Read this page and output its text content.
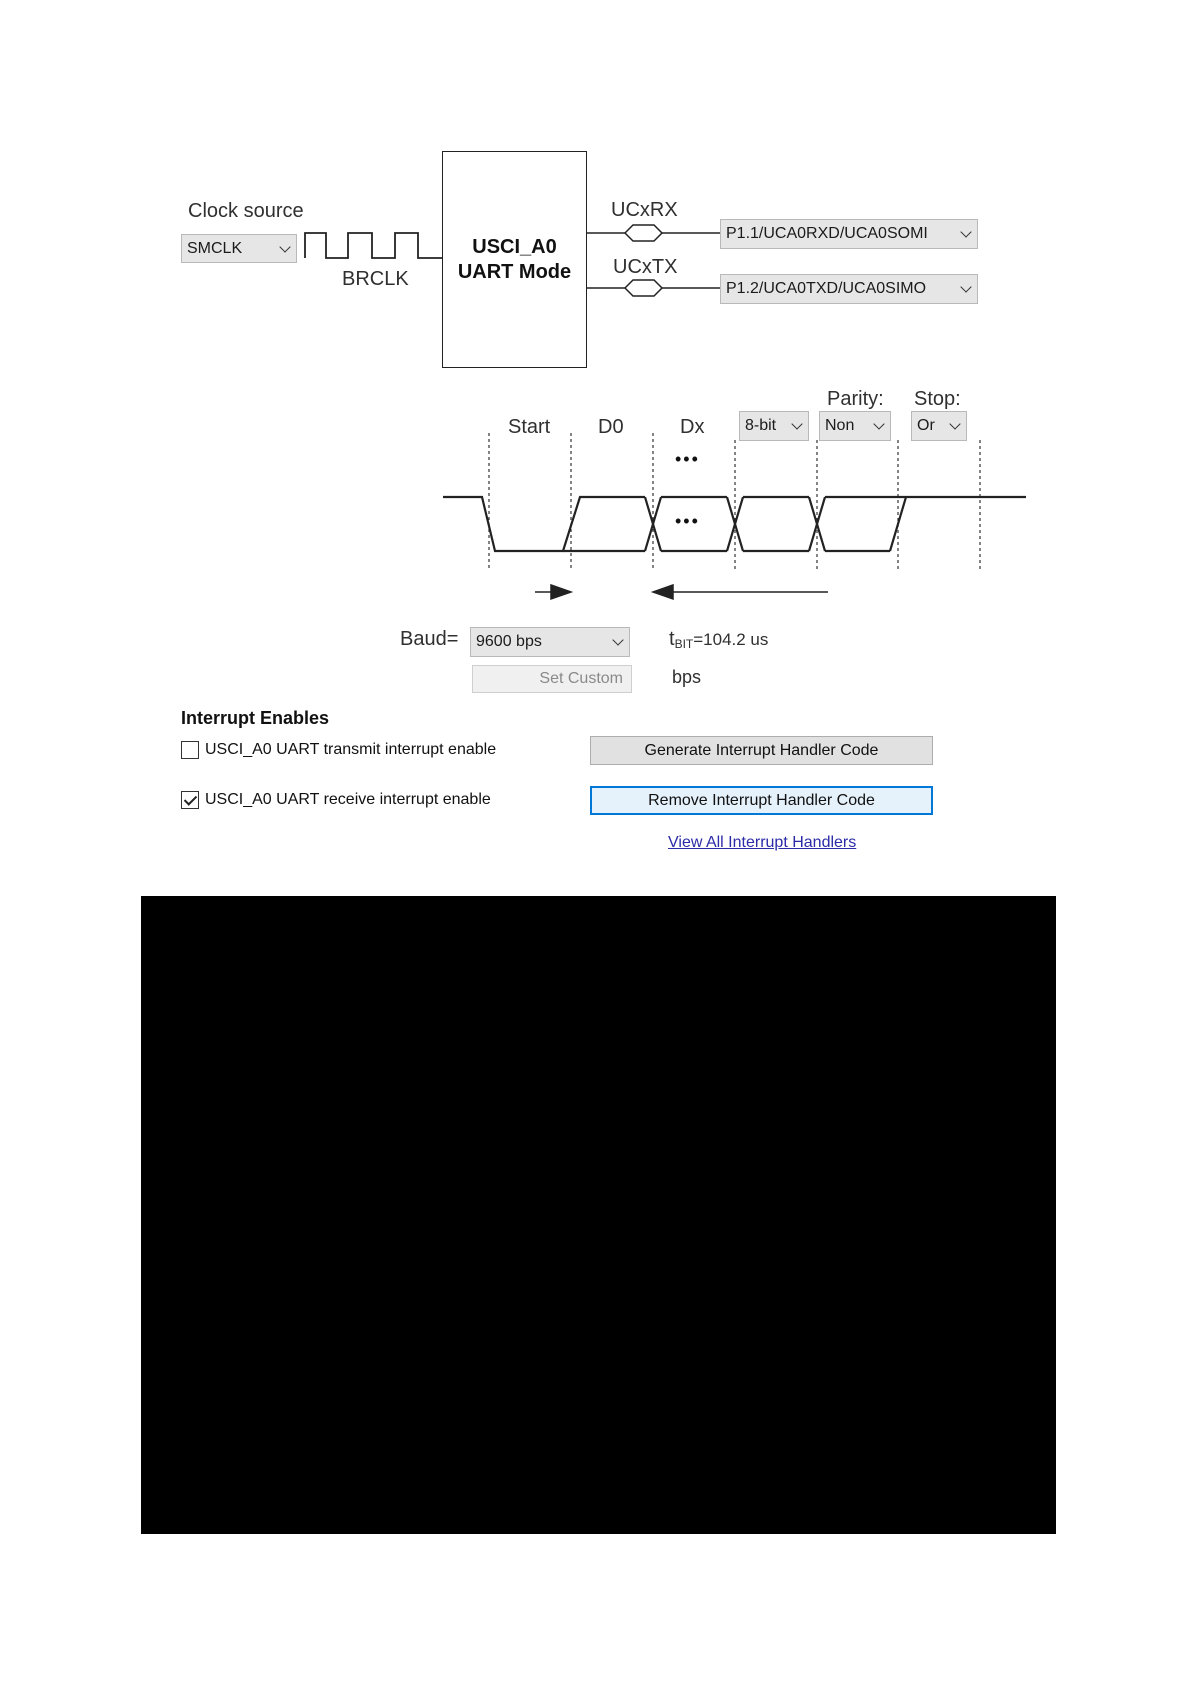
Clock source
SMCLK
BRCLK
USCI_A0
UART Mode
UCxRX
UCxTX
P1.1/UCA0RXD/UCA0SOMI
P1.2/UCA0TXD/UCA0SIMO
Start D0	Dx
•••
•••
8-bit
Parity:
Non
Stop:
Or
Baud=	9600 bps	tBIT=104.2 us
Set Custom	bps
Interrupt Enables
USCI_A0 UART transmit interrupt enable
USCI_A0 UART receive interrupt enable
Generate Interrupt Handler Code
Remove Interrupt Handler Code
View All Interrupt Handlers
